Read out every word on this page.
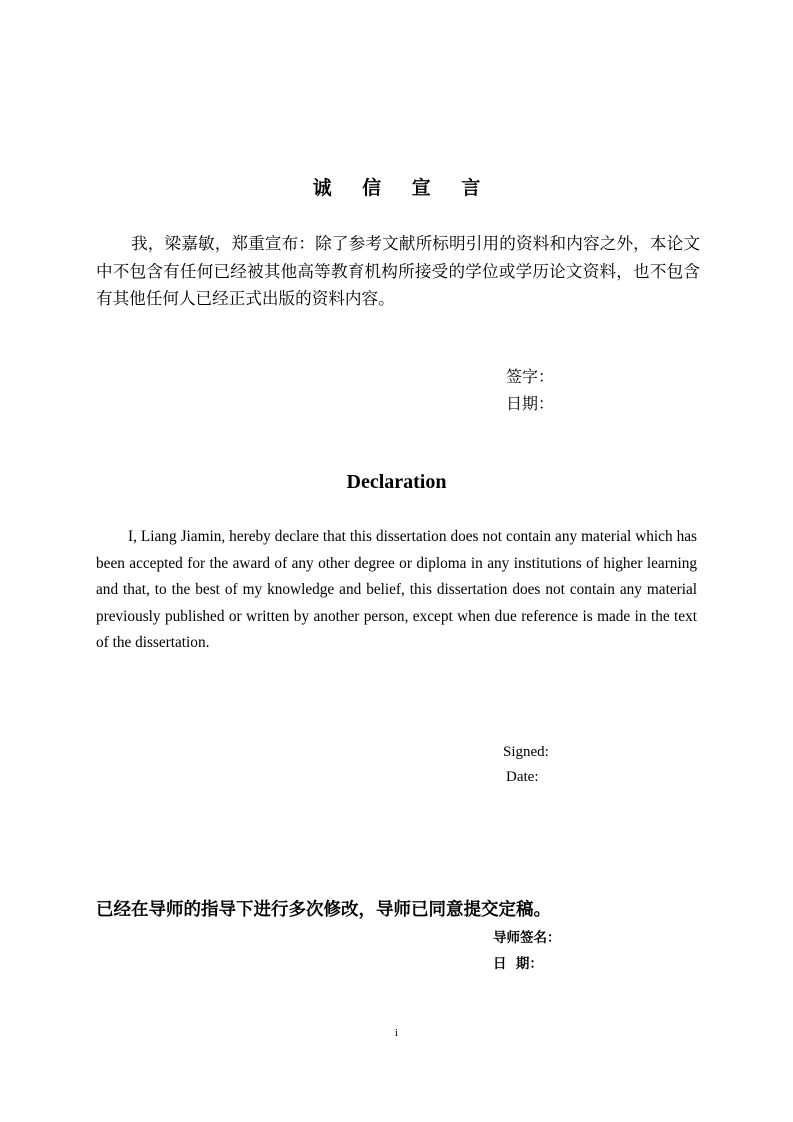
诚 信 宣 言
我，梁嘉敏，郑重宣布：除了参考文献所标明引用的资料和内容之外，本论文中不包含有任何已经被其他高等教育机构所接受的学位或学历论文资料，也不包含有其他任何人已经正式出版的资料内容。
签字：
日期：
Declaration
I, Liang Jiamin, hereby declare that this dissertation does not contain any material which has been accepted for the award of any other degree or diploma in any institutions of higher learning and that, to the best of my knowledge and belief, this dissertation does not contain any material previously published or written by another person, except when due reference is made in the text of the dissertation.
Signed:
Date:
已经在导师的指导下进行多次修改，导师已同意提交定稿。
导师签名：
日  期：
i
